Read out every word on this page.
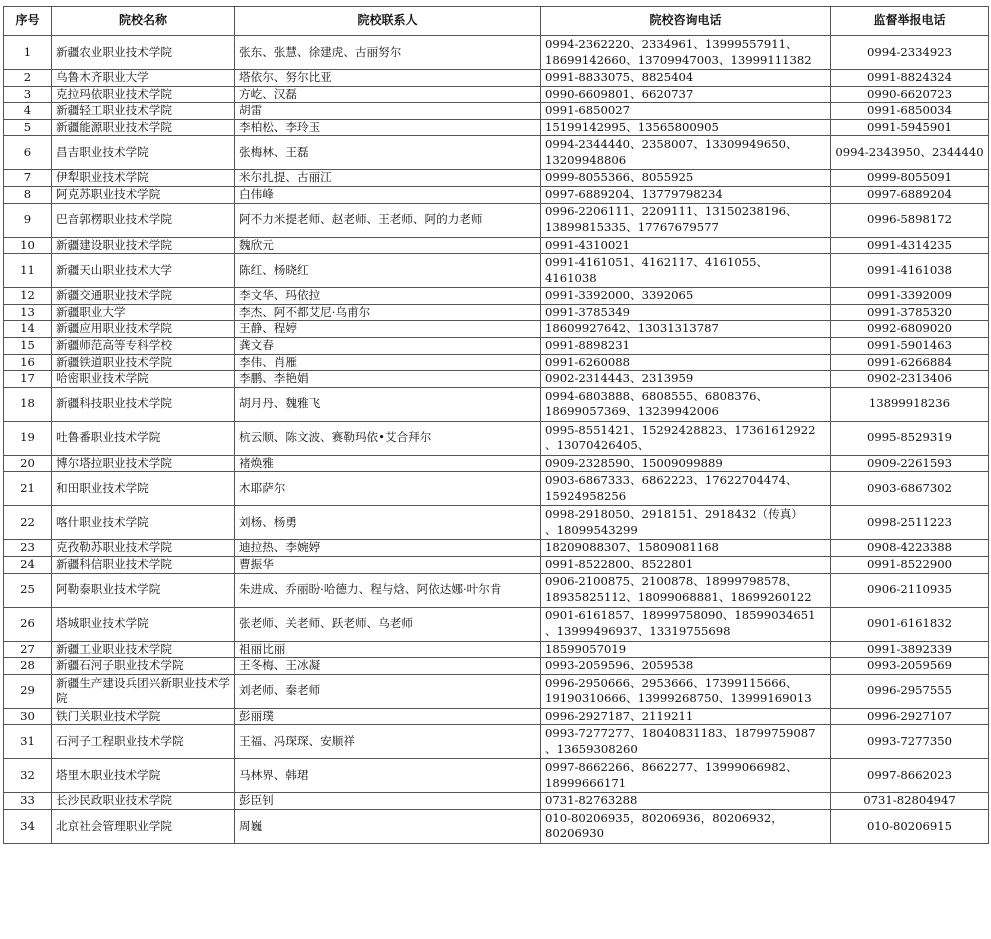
序号	院校名称	院校联系人	院校咨询电话	监督举报电话
1	新疆农业职业技术学院	张东、张慧、徐建虎、古丽努尔	0994-2362220、2334961、13999557911、
18699142660、13709947003、13999111382	0994-2334923
2	乌鲁木齐职业大学	塔依尔、努尔比亚	0991-8833075、8825404	0991-8824324
3	克拉玛依职业技术学院	方屹、汉磊	0990-6609801、6620737	0990-6620723
4	新疆轻工职业技术学院	胡雷	0991-6850027	0991-6850034
5	新疆能源职业技术学院	李柏松、李玲玉	15199142995、13565800905	0991-5945901
6	昌吉职业技术学院	张梅林、王磊	0994-2344440、2358007、13309949650、
13209948806	0994-2343950、2344440
7	伊犁职业技术学院	米尔扎提、古丽江	0999-8055366、8055925	0999-8055091
8	阿克苏职业技术学院	白伟峰	0997-6889204、13779798234	0997-6889204
9	巴音郭楞职业技术学院	阿不力米提老师、赵老师、王老师、阿的力老师	0996-2206111、2209111、13150238196、
13899815335、17767679577	0996-5898172
10	新疆建设职业技术学院	魏欣元	0991-4310021	0991-4314235
11	新疆天山职业技术大学	陈红、杨晓红	0991-4161051、4162117、4161055、
4161038	0991-4161038
12	新疆交通职业技术学院	李文华、玛依拉	0991-3392000、3392065	0991-3392009
13	新疆职业大学	李杰、阿不都艾尼·乌甫尔	0991-3785349	0991-3785320
14	新疆应用职业技术学院	王静、程婷	18609927642、13031313787	0992-6809020
15	新疆师范高等专科学校	龚文春	0991-8898231	0991-5901463
16	新疆铁道职业技术学院	李伟、肖雁	0991-6260088	0991-6266884
17	哈密职业技术学院	李鹏、李艳娟	0902-2314443、2313959	0902-2313406
18	新疆科技职业技术学院	胡月丹、魏雅飞	0994-6803888、6808555、6808376、
18699057369、13239942006	13899918236
19	吐鲁番职业技术学院	杭云顺、陈文波、赛勒玛依•艾合拜尔	0995-8551421、15292428823、17361612922
、13070426405、	0995-8529319
20	博尔塔拉职业技术学院	褚焕雅	0909-2328590、15009099889	0909-2261593
21	和田职业技术学院	木耶萨尔	0903-6867333、6862223、17622704474、
15924958256	0903-6867302
22	喀什职业技术学院	刘杨、杨勇	0998-2918050、2918151、2918432（传真）
、18099543299	0998-2511223
23	克孜勒苏职业技术学院	迪拉热、李婉婷	18209088307、15809081168	0908-4223388
24	新疆科信职业技术学院	曹振华	0991-8522800、8522801	0991-8522900
25	阿勒泰职业技术学院	朱进成、乔丽盼·哈德力、程与焓、阿依达娜·叶尔肯	0906-2100875、2100878、18999798578、
18935825112、18099068881、18699260122	0906-2110935
26	塔城职业技术学院	张老师、关老师、跃老师、乌老师	0901-6161857、18999758090、18599034651
、13999496937、13319755698	0901-6161832
27	新疆工业职业技术学院	祖丽比丽	18599057019	0991-3892339
28	新疆石河子职业技术学院	王冬梅、王冰凝	0993-2059596、2059538	0993-2059569
29	新疆生产建设兵团兴新职业技术学院	刘老师、秦老师	0996-2950666、2953666、17399115666、
19190310666、13999268750、13999169013	0996-2957555
30	铁门关职业技术学院	彭丽璞	0996-2927187、2119211	0996-2927107
31	石河子工程职业技术学院	王福、冯琛琛、安顺祥	0993-7277277、18040831183、18799759087
、13659308260	0993-7277350
32	塔里木职业技术学院	马林界、韩珺	0997-8662266、8662277、13999066982、
18999666171	0997-8662023
33	长沙民政职业技术学院	彭臣钊	0731-82763288	0731-82804947
34	北京社会管理职业学院	周巍	010-80206935，80206936，80206932，
80206930	010-80206915
